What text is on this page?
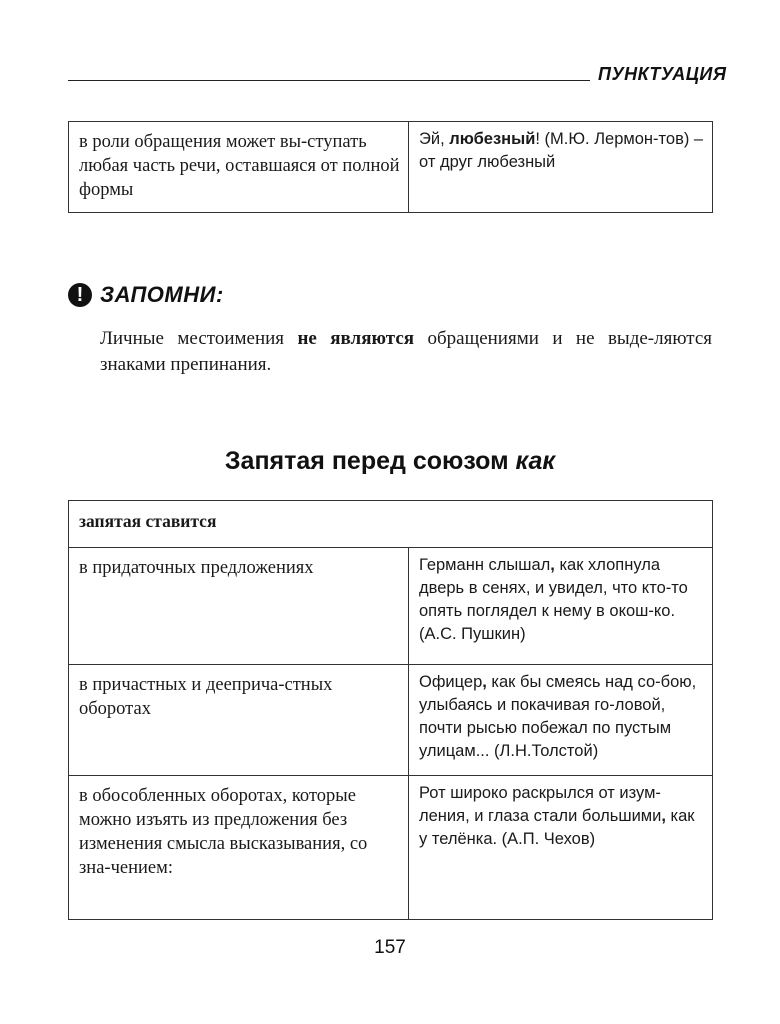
ПУНКТУАЦИЯ
в роли обращения может вы-ступать любая часть речи, оставшаяся от полной формы	Эй, любезный! (М.Ю. Лермон-тов) – от друг любезный
! ЗАПОМНИ:
Личные местоимения не являются обращениями и не выде-ляются знаками препинания.
Запятая перед союзом как
запятая ставится	
в придаточных предложениях	Германн слышал, как хлопнула дверь в сенях, и увидел, что кто-то опять поглядел к нему в окош-ко. (А.С. Пушкин)
в причастных и дееприча-стных оборотах	Офицер, как бы смеясь над со-бою, улыбаясь и покачивая го-ловой, почти рысью побежал по пустым улицам... (Л.Н.Толстой)
в обособленных оборотах, которые можно изъять из предложения без изменения смысла высказывания, со зна-чением:	Рот широко раскрылся от изум-ления, и глаза стали большими, как у телёнка. (А.П. Чехов)
157
